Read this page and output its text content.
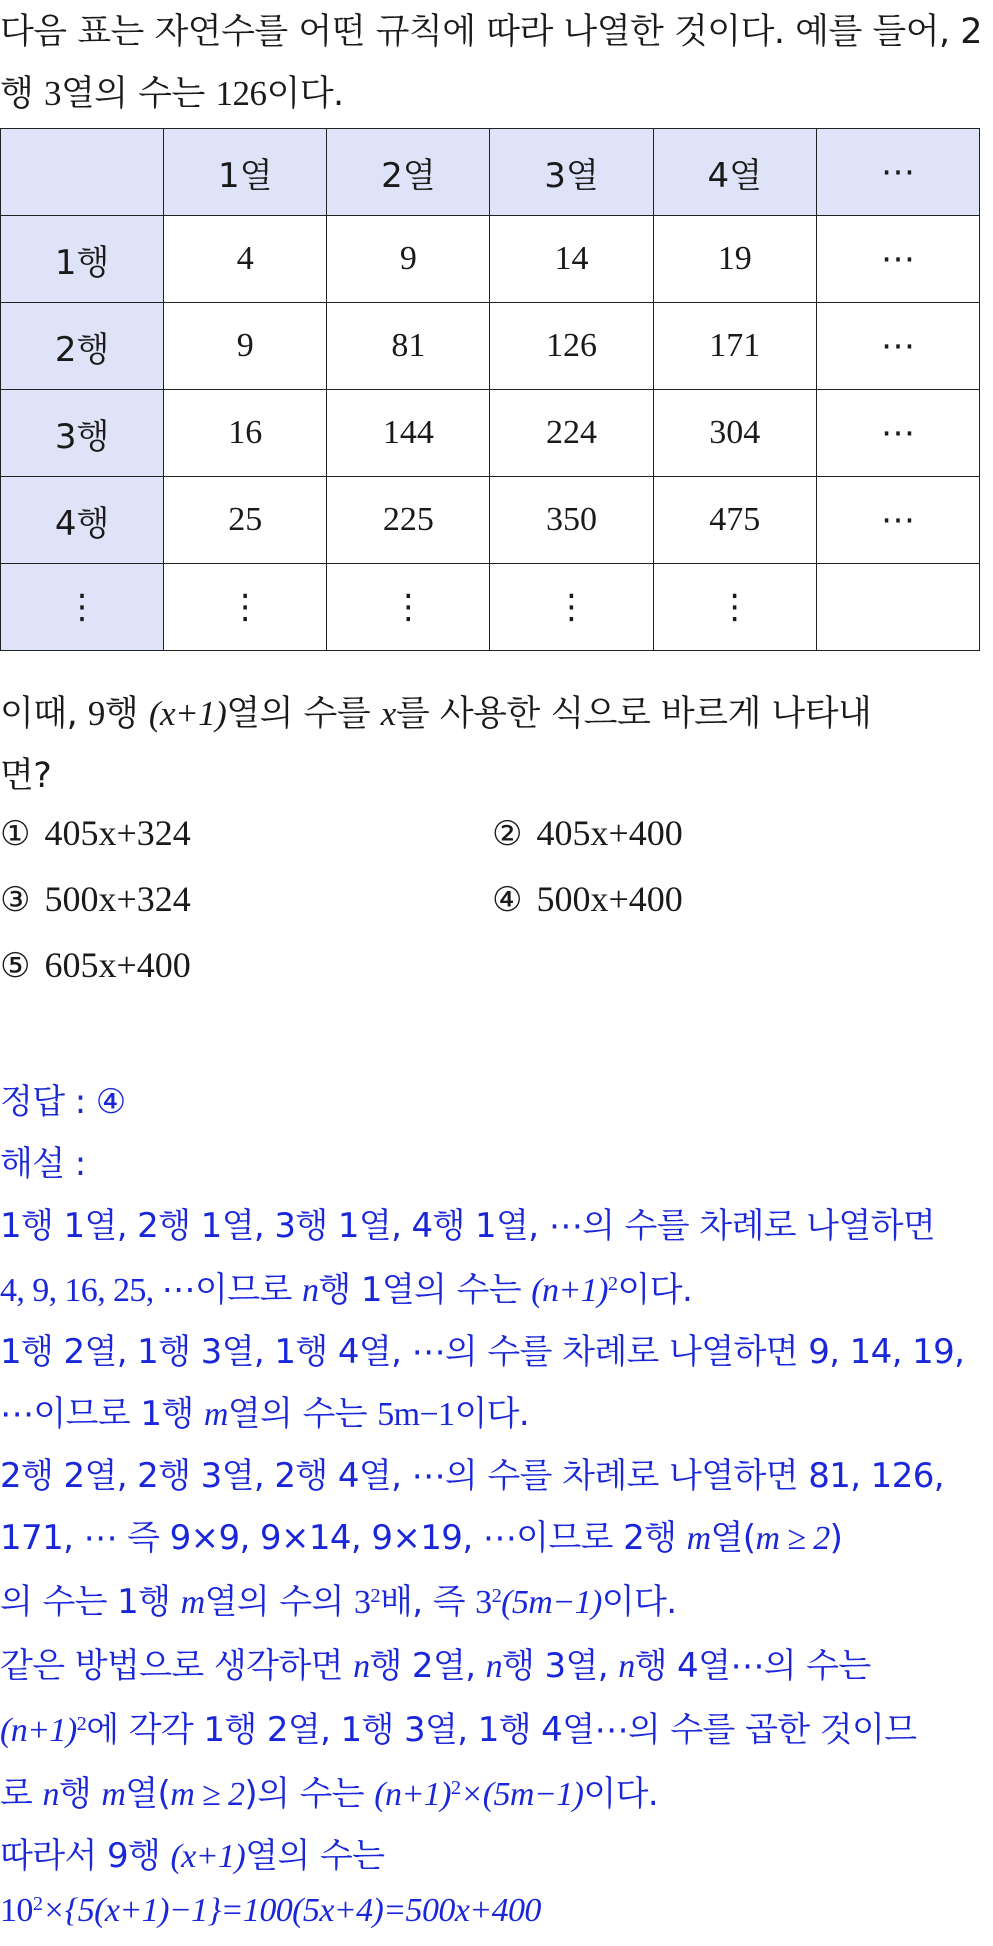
다음 표는 자연수를 어떤 규칙에 따라 나열한 것이다. 예를 들어, 2
행 3열의 수는 126이다.
	1열	2열	3열	4열	⋯
1행	4	9	14	19	⋯
2행	9	81	126	171	⋯
3행	16	144	224	304	⋯
4행	25	225	350	475	⋯
⋮	⋮	⋮	⋮	⋮	
이때, 9행 (x+1)열의 수를 x를 사용한 식으로 바르게 나타내
면?
① 405x+324	② 405x+400
③ 500x+324	④ 500x+400
⑤ 605x+400
정답 : ④
해설 :
1행 1열, 2행 1열, 3행 1열, 4행 1열, ⋯의 수를 차례로 나열하면
4, 9, 16, 25, ⋯이므로 n행 1열의 수는 $(n+1)^2$이다.
1행 2열, 1행 3열, 1행 4열, ⋯의 수를 차례로 나열하면 9, 14, 19,
⋯이므로 1행 m열의 수는 5m−1이다.
2행 2열, 2행 3열, 2행 4열, ⋯의 수를 차례로 나열하면 81, 126,
171, ⋯ 즉 9×9, 9×14, 9×19, ⋯이므로 2행 m열(m ≥ 2)
의 수는 1행 m열의 수의 $3^2$배, 즉 $3^2(5m-1)$이다.
같은 방법으로 생각하면 n행 2열, n행 3열, n행 4열⋯의 수는
$(n+1)^2$에 각각 1행 2열, 1행 3열, 1행 4열⋯의 수를 곱한 것이므
로 n행 m열(m ≥ 2)의 수는 $(n+1)^2\times(5m-1)$이다.
따라서 9행 (x+1)열의 수는
$10^2\times\{5(x+1)-1\}=100(5x+4)=500x+400$
